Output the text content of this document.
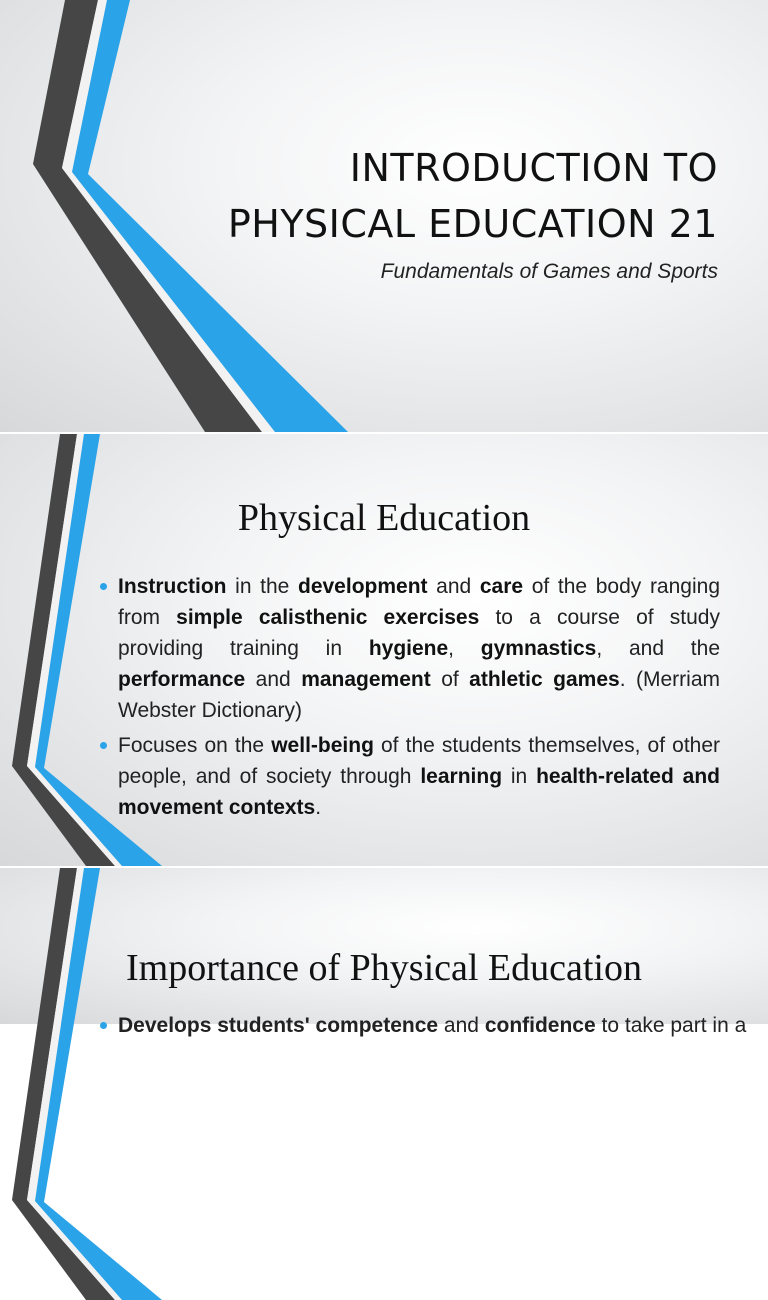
INTRODUCTION TO
PHYSICAL EDUCATION 21

Fundamentals of Games and Sports

Physical Education
Instruction in the development and care of the body ranging from simple calisthenic exercises to a course of study providing training in hygiene, gymnastics, and the performance and management of athletic games. (Merriam Webster Dictionary)
Focuses on the well-being of the students themselves, of other people, and of society through learning in health-related and movement contexts.
Importance of Physical Education
Develops students' competence and confidence to take part in a
